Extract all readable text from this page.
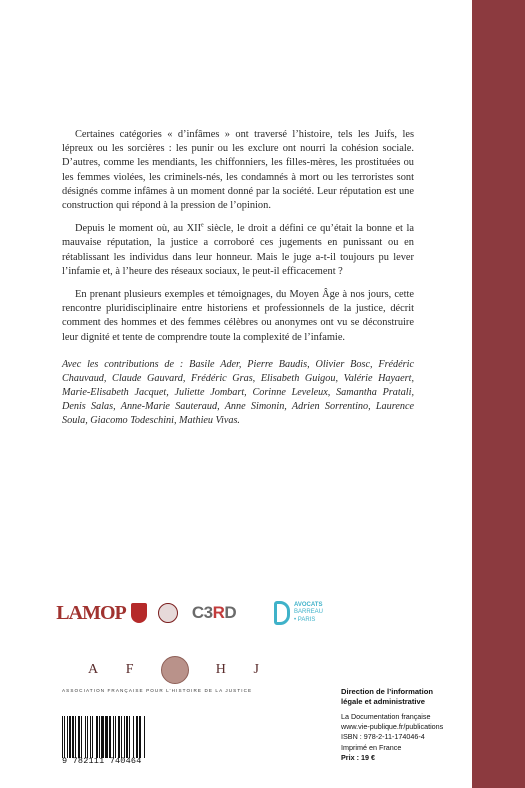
Certaines catégories « d’infâmes » ont traversé l’histoire, tels les Juifs, les lépreux ou les sorcières : les punir ou les exclure ont nourri la cohésion sociale. D’autres, comme les mendiants, les chiffonniers, les filles-mères, les prostituées ou les femmes violées, les criminels-nés, les condamnés à mort ou les terroristes sont désignés comme infâmes à un moment donné par la société. Leur réputation est une construction qui répond à la pression de l’opinion.

Depuis le moment où, au XIIe siècle, le droit a défini ce qu’était la bonne et la mauvaise réputation, la justice a corroboré ces jugements en punissant ou en rétablissant les individus dans leur honneur. Mais le juge a-t-il toujours pu lever l’infamie et, à l’heure des réseaux sociaux, le peut-il efficacement ?

En prenant plusieurs exemples et témoignages, du Moyen Âge à nos jours, cette rencontre pluridisciplinaire entre historiens et professionnels de la justice, décrit comment des hommes et des femmes célèbres ou anonymes ont vu se déconstruire leur dignité et tente de comprendre toute la complexité de l’infamie.

Avec les contributions de : Basile Ader, Pierre Baudis, Olivier Bosc, Frédéric Chauvaud, Claude Gauvard, Frédéric Gras, Elisabeth Guigou, Valérie Hayaert, Marie-Elisabeth Jacquet, Juliette Jombart, Corinne Leveleux, Samantha Pratali, Denis Salas, Anne-Marie Sauteraud, Anne Simonin, Adrien Sorrentino, Laurence Soula, Giacomo Todeschini, Mathieu Vivas.

LAMOP	C3RD	AVOCATS
BARREAU
• PARIS
A F	H J
ASSOCIATION FRANÇAISE POUR L’HISTOIRE DE LA JUSTICE
9 782111 740464
Direction de l’information
légale et administrative
La Documentation française
www.vie-publique.fr/publications
ISBN : 978-2-11-174046-4
Imprimé en France
Prix : 19 €
